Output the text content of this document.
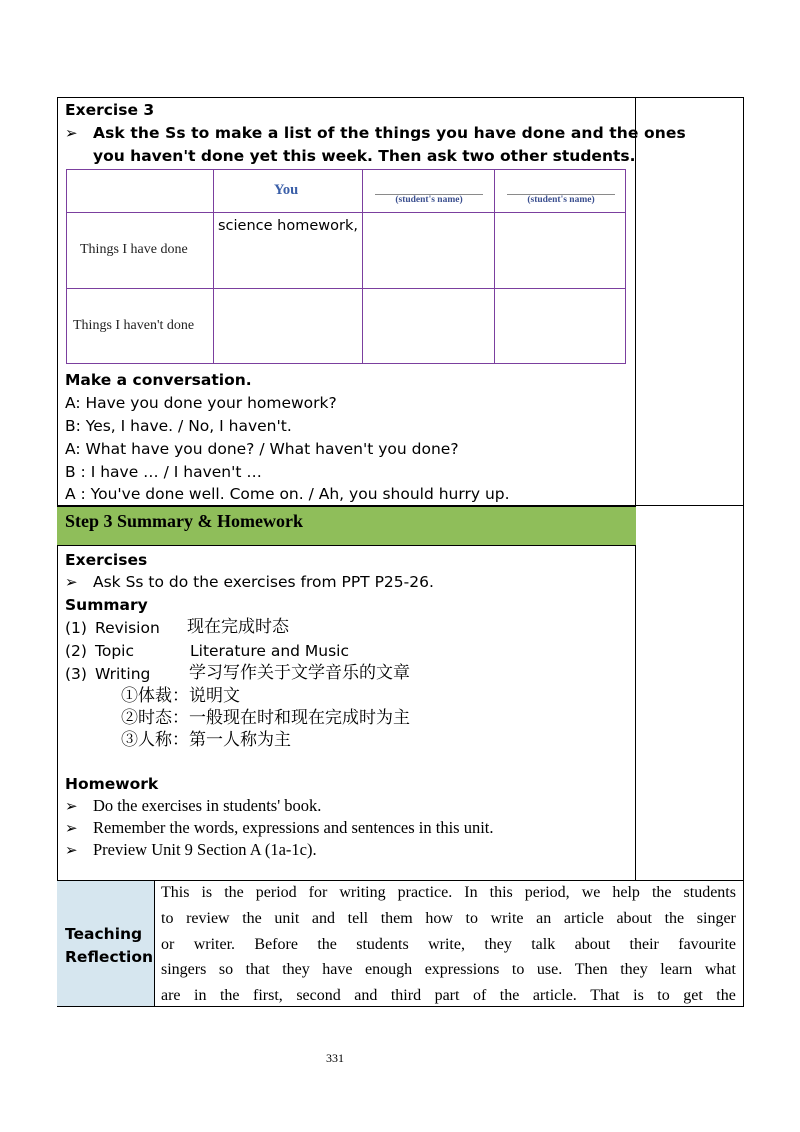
Exercise 3
➢ Ask the Ss to make a list of the things you have done and the ones
you haven't done yet this week. Then ask two other students.
You
(student's name)	(student's name)
Things I have done
science homework,
Things I haven't done
Make a conversation.
A: Have you done your homework?
B: Yes, I have. / No, I haven't.
A: What have you done? / What haven't you done?
B : I have … / I haven't …
A : You've done well. Come on. / Ah, you should hurry up.
Step 3 Summary & Homework
Exercises
➢ Ask Ss to do the exercises from PPT P25-26.
Summary
(1) Revision 现在完成时态
(2) Topic	Literature and Music
(3) Writing 学习写作关于文学音乐的文章
①体裁：说明文
②时态：一般现在时和现在完成时为主
③人称：第一人称为主
Homework
➢ Do the exercises in students' book.
➢ Remember the words, expressions and sentences in this unit.
➢ Preview Unit 9 Section A (1a-1c).
Teaching
Reflection
This is the period for writing practice. In this period, we help the students
to review the unit and tell them how to write an article about the singer
or writer. Before the students write, they talk about their favourite
singers so that they have enough expressions to use. Then they learn what
are in the first, second and third part of the article. That is to get the
331
